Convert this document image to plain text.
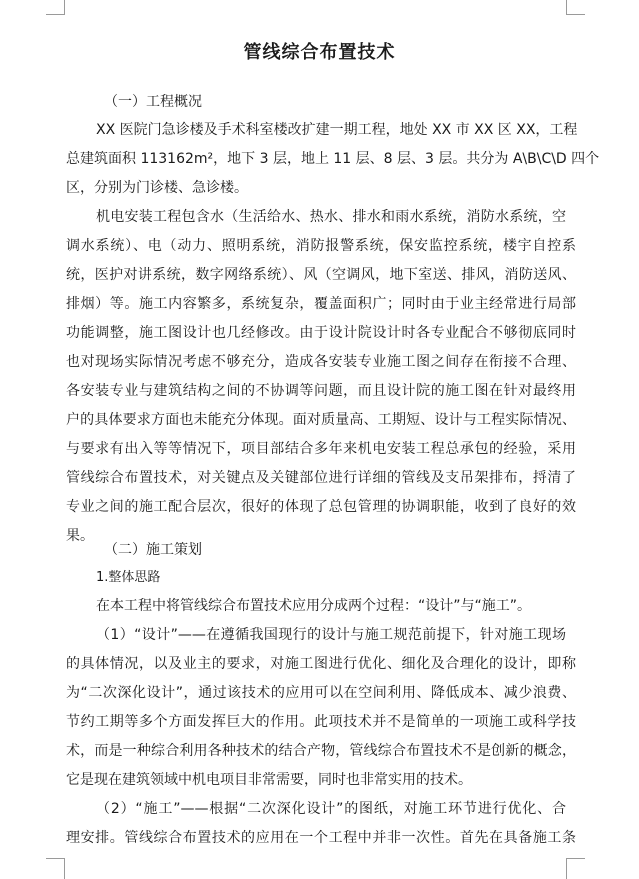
管线综合布置技术
（一）工程概况
XX 医院门急诊楼及手术科室楼改扩建一期工程，地处 XX 市 XX 区 XX，工程
总建筑面积 113162m²，地下 3 层，地上 11 层、8 层、3 层。共分为 A\B\C\D 四个
区，分别为门诊楼、急诊楼。
机电安装工程包含水（生活给水、热水、排水和雨水系统，消防水系统，空
调水系统）、电（动力、照明系统，消防报警系统，保安监控系统，楼宇自控系
统，医护对讲系统，数字网络系统）、风（空调风，地下室送、排风，消防送风、
排烟）等。施工内容繁多，系统复杂，覆盖面积广；同时由于业主经常进行局部
功能调整，施工图设计也几经修改。由于设计院设计时各专业配合不够彻底同时
也对现场实际情况考虑不够充分，造成各安装专业施工图之间存在衔接不合理、
各安装专业与建筑结构之间的不协调等问题，而且设计院的施工图在针对最终用
户的具体要求方面也未能充分体现。面对质量高、工期短、设计与工程实际情况、
与要求有出入等等情况下，项目部结合多年来机电安装工程总承包的经验，采用
管线综合布置技术，对关键点及关键部位进行详细的管线及支吊架排布，捋清了
专业之间的施工配合层次，很好的体现了总包管理的协调职能，收到了良好的效
果。
（二）施工策划
1.整体思路
在本工程中将管线综合布置技术应用分成两个过程：“设计”与“施工”。
（1）“设计”——在遵循我国现行的设计与施工规范前提下，针对施工现场
的具体情况，以及业主的要求，对施工图进行优化、细化及合理化的设计，即称
为“二次深化设计”，通过该技术的应用可以在空间利用、降低成本、减少浪费、
节约工期等多个方面发挥巨大的作用。此项技术并不是简单的一项施工或科学技
术，而是一种综合利用各种技术的结合产物，管线综合布置技术不是创新的概念，
它是现在建筑领域中机电项目非常需要，同时也非常实用的技术。
（2）“施工”——根据“二次深化设计”的图纸，对施工环节进行优化、合
理安排。管线综合布置技术的应用在一个工程中并非一次性。首先在具备施工条
